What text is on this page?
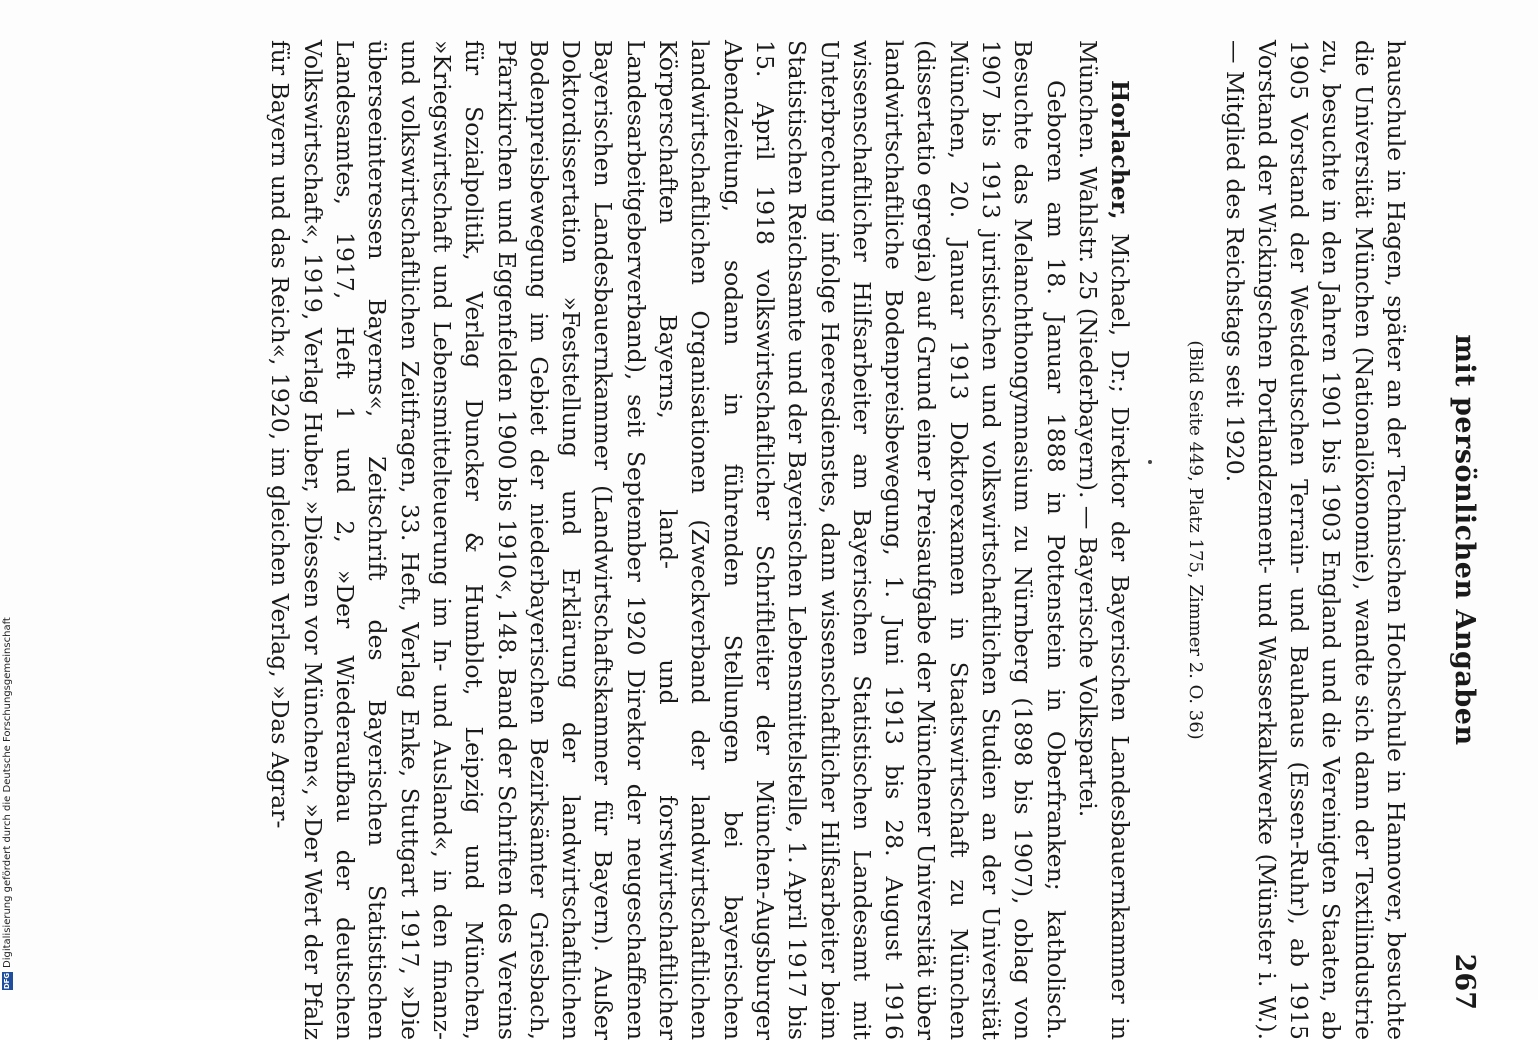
mit persönlichen Angaben
267

hauschule in Hagen, später an der Technischen Hochschule in Hannover, besuchte die Universität München (Nationalökonomie), wandte sich dann der Textilindustrie zu, besuchte in den Jahren 1901 bis 1903 England und die Vereinigten Staaten, ab 1905 Vorstand der Westdeutschen Terrain- und Bauhaus (Essen-Ruhr), ab 1915 Vorstand der Wickingschen Portlandzement- und Wasserkalkwerke (Münster i. W.). — Mitglied des Reichstags seit 1920.

(Bild Seite 449, Platz 175, Zimmer 2. O. 36)

Horlacher, Michael, Dr.; Direktor der Bayerischen Landesbauernkammer in München. Wahlstr. 25 (Niederbayern). — Bayerische Volkspartei.

Geboren am 18. Januar 1888 in Pottenstein in Oberfranken; katholisch. Besuchte das Melanchthongymnasium zu Nürnberg (1898 bis 1907), oblag von 1907 bis 1913 juristischen und volkswirtschaftlichen Studien an der Universität München, 20. Januar 1913 Doktorexamen in Staatswirtschaft zu München (dissertatio egregia) auf Grund einer Preisaufgabe der Münchener Universität über landwirtschaftliche Bodenpreisbewegung, 1. Juni 1913 bis 28. August 1916 wissenschaftlicher Hilfsarbeiter am Bayerischen Statistischen Landesamt mit Unterbrechung infolge Heeresdienstes, dann wissenschaftlicher Hilfsarbeiter beim Statistischen Reichsamte und der Bayerischen Lebensmittelstelle, 1. April 1917 bis 15. April 1918 volkswirtschaftlicher Schriftleiter der München-Augsburger Abendzeitung, sodann in führenden Stellungen bei bayerischen landwirtschaftlichen Organisationen (Zweckverband der landwirtschaftlichen Körperschaften Bayerns, land- und forstwirtschaftlicher Landesarbeitgeberverband), seit September 1920 Direktor der neugeschaffenen Bayerischen Landesbauernkammer (Landwirtschaftskammer für Bayern). Außer Doktordissertation »Feststellung und Erklärung der landwirtschaftlichen Bodenpreisbewegung im Gebiet der niederbayerischen Bezirksämter Griesbach, Pfarrkirchen und Eggenfelden 1900 bis 1910«, 148. Band der Schriften des Vereins für Sozialpolitik, Verlag Duncker & Humblot, Leipzig und München, »Kriegswirtschaft und Lebensmittelteuerung im In- und Ausland«, in den finanz- und volkswirtschaftlichen Zeitfragen, 33. Heft, Verlag Enke, Stuttgart 1917, »Die überseeinteressen Bayerns«, Zeitschrift des Bayerischen Statistischen Landesamtes, 1917, Heft 1 und 2, »Der Wiederaufbau der deutschen Volkswirtschaft«, 1919, Verlag Huber, »Diessen vor München«, »Der Wert der Pfalz für Bayern und das Reich«, 1920, im gleichen Verlag, »Das Agrar-

DFGDigitalisierung gefördert durch die Deutsche Forschungsgemeinschaft
